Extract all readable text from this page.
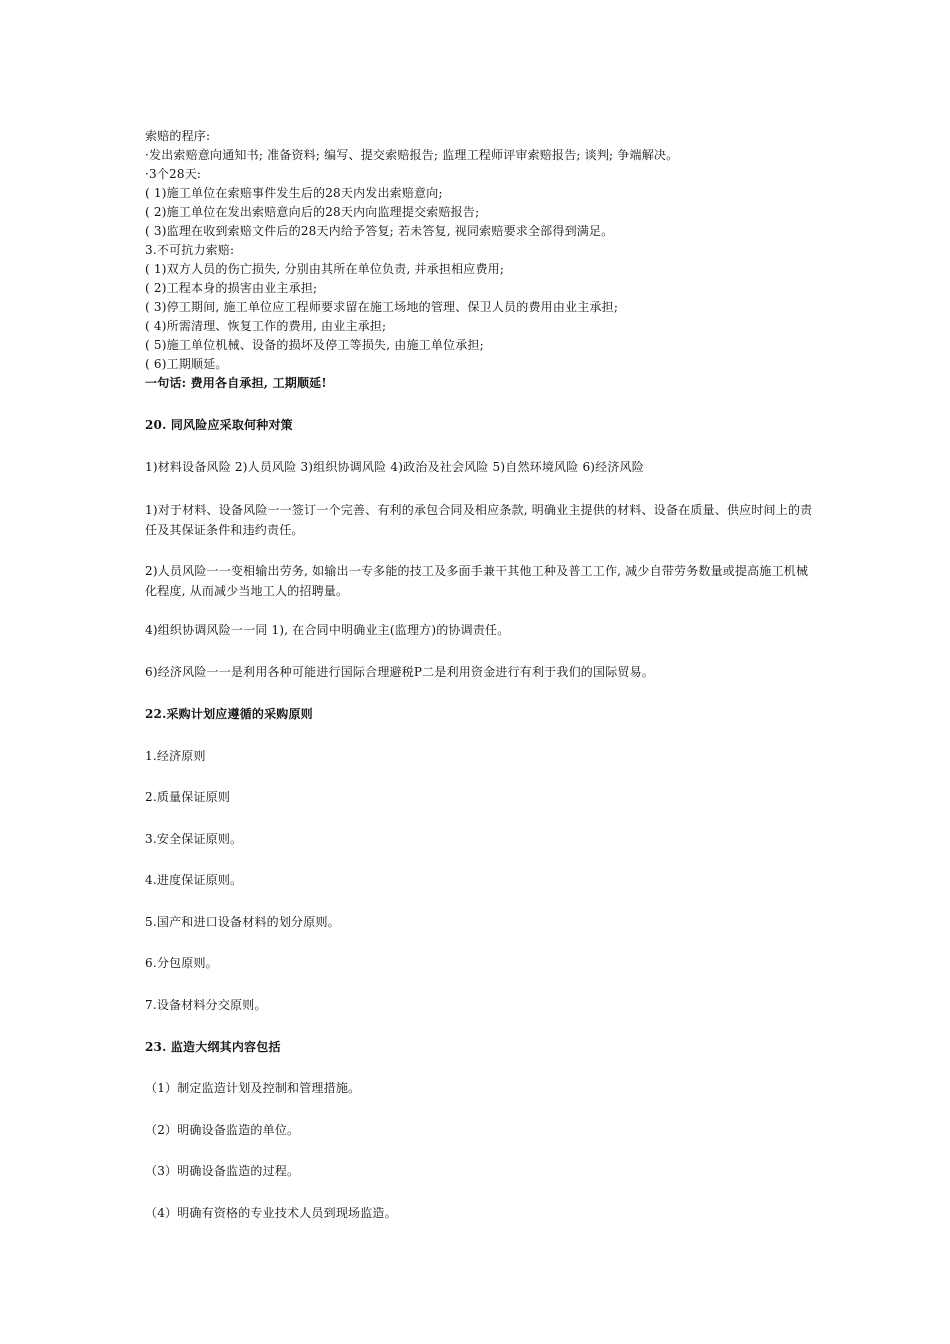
索赔的程序:
·发出索赔意向通知书; 准备资料; 编写、提交索赔报告; 监理工程师评审索赔报告; 谈判; 争端解决。
·3个28天:
( 1)施工单位在索赔事件发生后的28天内发出索赔意向;
( 2)施工单位在发出索赔意向后的28天内向监理提交索赔报告;
( 3)监理在收到索赔文件后的28天内给予答复; 若未答复, 视同索赔要求全部得到满足。
3.不可抗力索赔:
( 1)双方人员的伤亡损失, 分别由其所在单位负责, 并承担相应费用;
( 2)工程本身的损害由业主承担;
( 3)停工期间, 施工单位应工程师要求留在施工场地的管理、保卫人员的费用由业主承担;
( 4)所需清理、恢复工作的费用, 由业主承担;
( 5)施工单位机械、设备的损坏及停工等损失, 由施工单位承担;
( 6)工期顺延。
一句话: 费用各自承担, 工期顺延!
20. 同风险应采取何种对策
1)材料设备风险 2)人员风险 3)组织协调风险 4)政治及社会风险 5)自然环境风险 6)经济风险
1)对于材料、设备风险一一签订一个完善、有利的承包合同及相应条款, 明确业主提供的材料、设备在质量、供应时间上的责任及其保证条件和违约责任。
2)人员风险一一变相输出劳务, 如输出一专多能的技工及多面手兼干其他工种及普工工作, 减少自带劳务数量或提高施工机械化程度, 从而减少当地工人的招聘量。
4)组织协调风险一一同 1), 在合同中明确业主(监理方)的协调责任。
6)经济风险一一是利用各种可能进行国际合理避税P二是利用资金进行有利于我们的国际贸易。
22.采购计划应遵循的采购原则
1.经济原则
2.质量保证原则
3.安全保证原则。
4.进度保证原则。
5.国产和进口设备材料的划分原则。
6.分包原则。
7.设备材料分交原则。
23. 监造大纲其内容包括
（1）制定监造计划及控制和管理措施。
（2）明确设备监造的单位。
（3）明确设备监造的过程。
（4）明确有资格的专业技术人员到现场监造。
